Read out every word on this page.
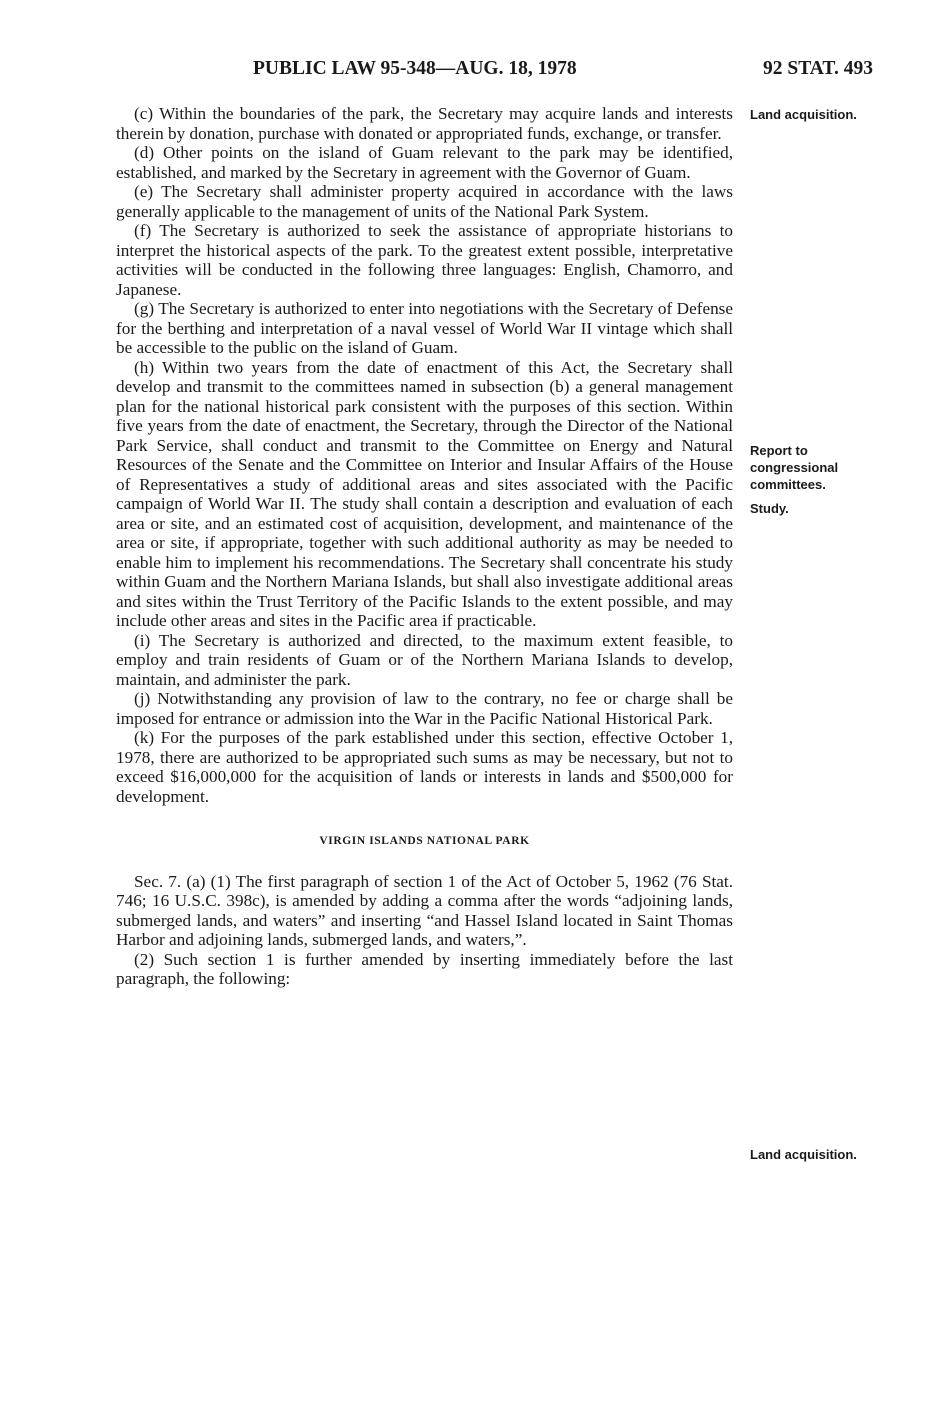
PUBLIC LAW 95-348—AUG. 18, 1978	92 STAT. 493

(c) Within the boundaries of the park, the Secretary may acquire lands and interests therein by donation, purchase with donated or appropriated funds, exchange, or transfer.

(d) Other points on the island of Guam relevant to the park may be identified, established, and marked by the Secretary in agreement with the Governor of Guam.

(e) The Secretary shall administer property acquired in accordance with the laws generally applicable to the management of units of the National Park System.

(f) The Secretary is authorized to seek the assistance of appropriate historians to interpret the historical aspects of the park. To the greatest extent possible, interpretative activities will be conducted in the following three languages: English, Chamorro, and Japanese.

(g) The Secretary is authorized to enter into negotiations with the Secretary of Defense for the berthing and interpretation of a naval vessel of World War II vintage which shall be accessible to the public on the island of Guam.

(h) Within two years from the date of enactment of this Act, the Secretary shall develop and transmit to the committees named in subsection (b) a general management plan for the national historical park consistent with the purposes of this section. Within five years from the date of enactment, the Secretary, through the Director of the National Park Service, shall conduct and transmit to the Committee on Energy and Natural Resources of the Senate and the Committee on Interior and Insular Affairs of the House of Representatives a study of additional areas and sites associated with the Pacific campaign of World War II. The study shall contain a description and evaluation of each area or site, and an estimated cost of acquisition, development, and maintenance of the area or site, if appropriate, together with such additional authority as may be needed to enable him to implement his recommendations. The Secretary shall concentrate his study within Guam and the Northern Mariana Islands, but shall also investigate additional areas and sites within the Trust Territory of the Pacific Islands to the extent possible, and may include other areas and sites in the Pacific area if practicable.

(i) The Secretary is authorized and directed, to the maximum extent feasible, to employ and train residents of Guam or of the Northern Mariana Islands to develop, maintain, and administer the park.

(j) Notwithstanding any provision of law to the contrary, no fee or charge shall be imposed for entrance or admission into the War in the Pacific National Historical Park.

(k) For the purposes of the park established under this section, effective October 1, 1978, there are authorized to be appropriated such sums as may be necessary, but not to exceed $16,000,000 for the acquisition of lands or interests in lands and $500,000 for development.

VIRGIN ISLANDS NATIONAL PARK

Sec. 7. (a) (1) The first paragraph of section 1 of the Act of October 5, 1962 (76 Stat. 746; 16 U.S.C. 398c), is amended by adding a comma after the words “adjoining lands, submerged lands, and waters” and inserting “and Hassel Island located in Saint Thomas Harbor and adjoining lands, submerged lands, and waters,”.

(2) Such section 1 is further amended by inserting immediately before the last paragraph, the following:

Land acquisition.
Report to
congressional
committees.
Study.
Land acquisition.
